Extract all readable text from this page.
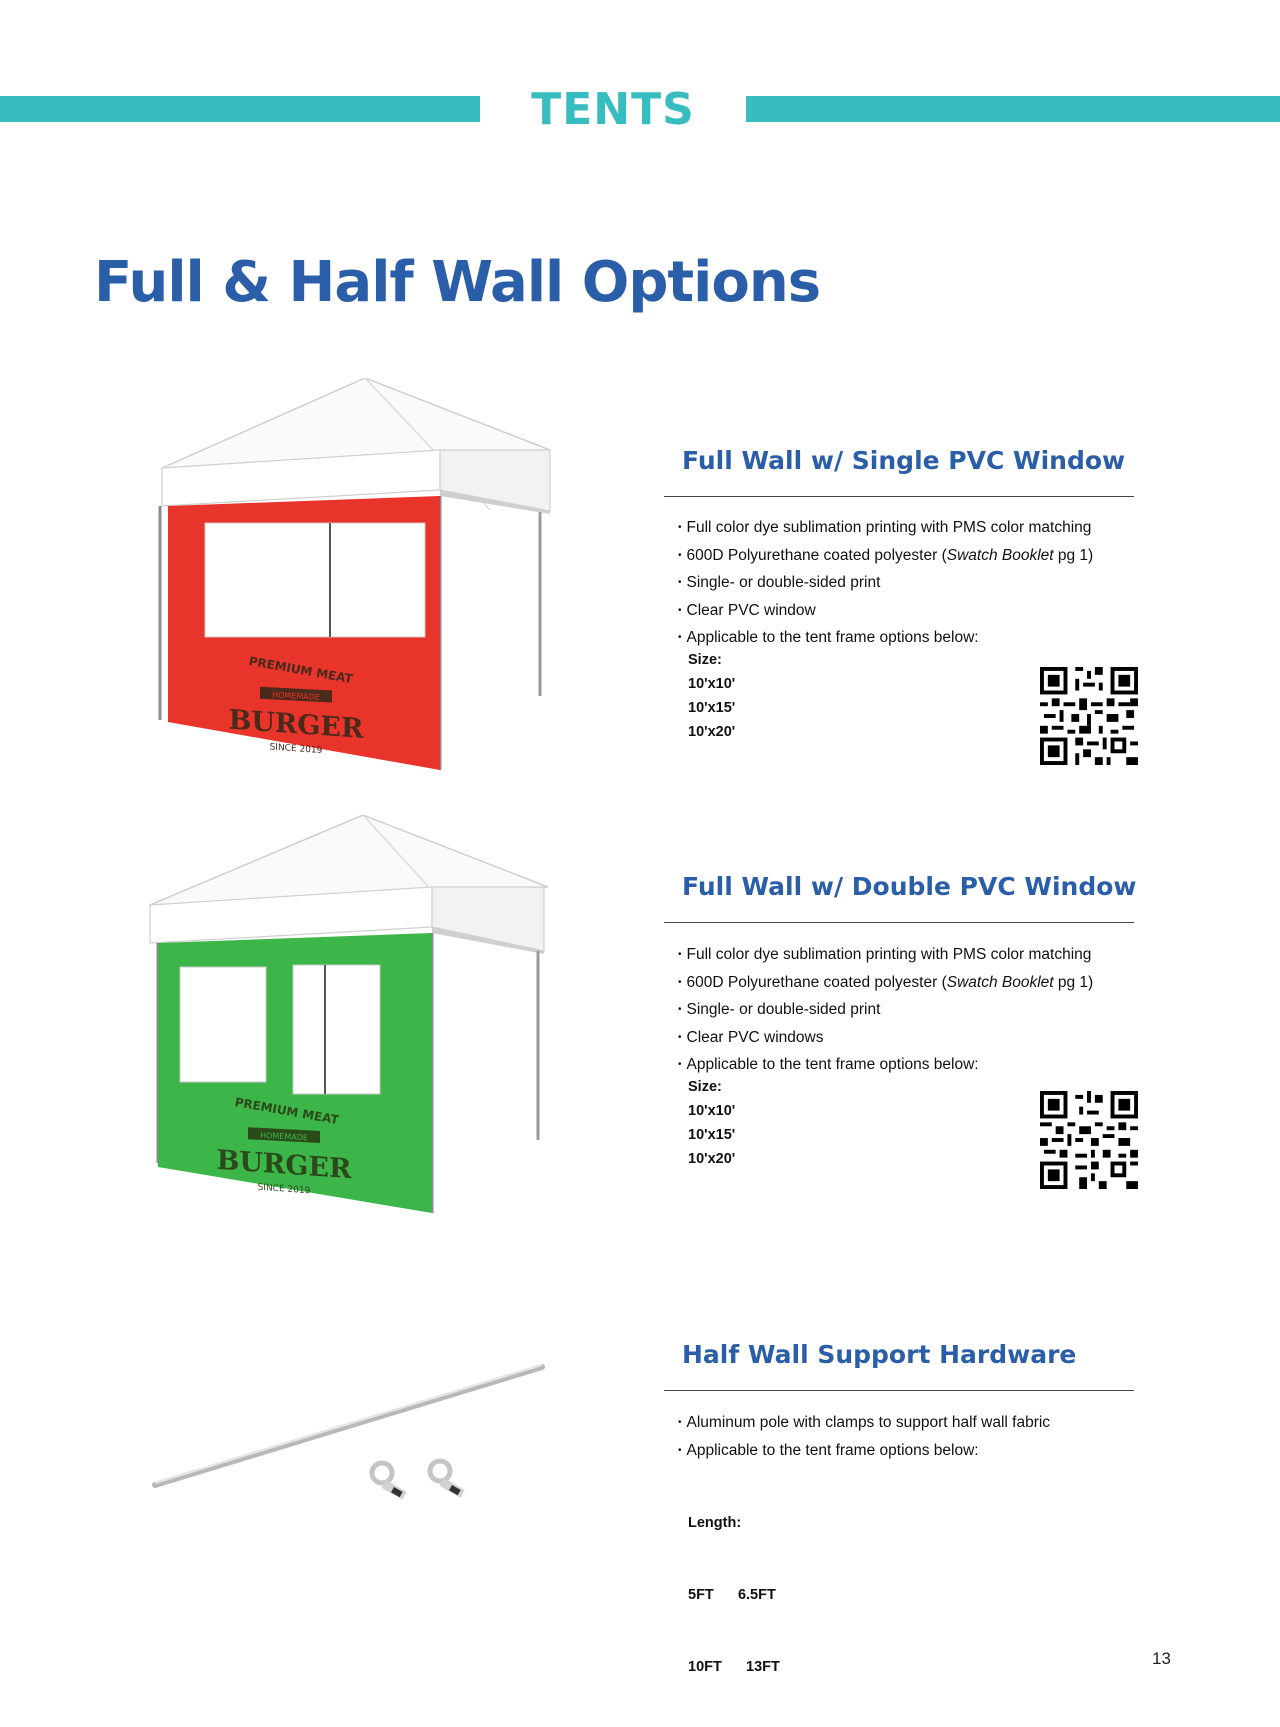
TENTS
Full & Half Wall Options
PREMIUM MEAT
HOMEMADE
BURGER
SINCE 2019
Full Wall w/ Single PVC Window
• Full color dye sublimation printing with PMS color matching
• 600D Polyurethane coated polyester (Swatch Booklet pg 1)
• Single- or double-sided print
• Clear PVC window
• Applicable to the tent frame options below:
Size:
10'x10'
10'x15'
10'x20'
PREMIUM MEAT
HOMEMADE
BURGER
SINCE 2019
Full Wall w/ Double PVC Window
• Full color dye sublimation printing with PMS color matching
• 600D Polyurethane coated polyester (Swatch Booklet pg 1)
• Single- or double-sided print
• Clear PVC windows
• Applicable to the tent frame options below:
Size:
10'x10'
10'x15'
10'x20'
Half Wall Support Hardware
• Aluminum pole with clamps to support half wall fabric
• Applicable to the tent frame options below:

Length:

5FT      6.5FT

10FT      13FT

	13
